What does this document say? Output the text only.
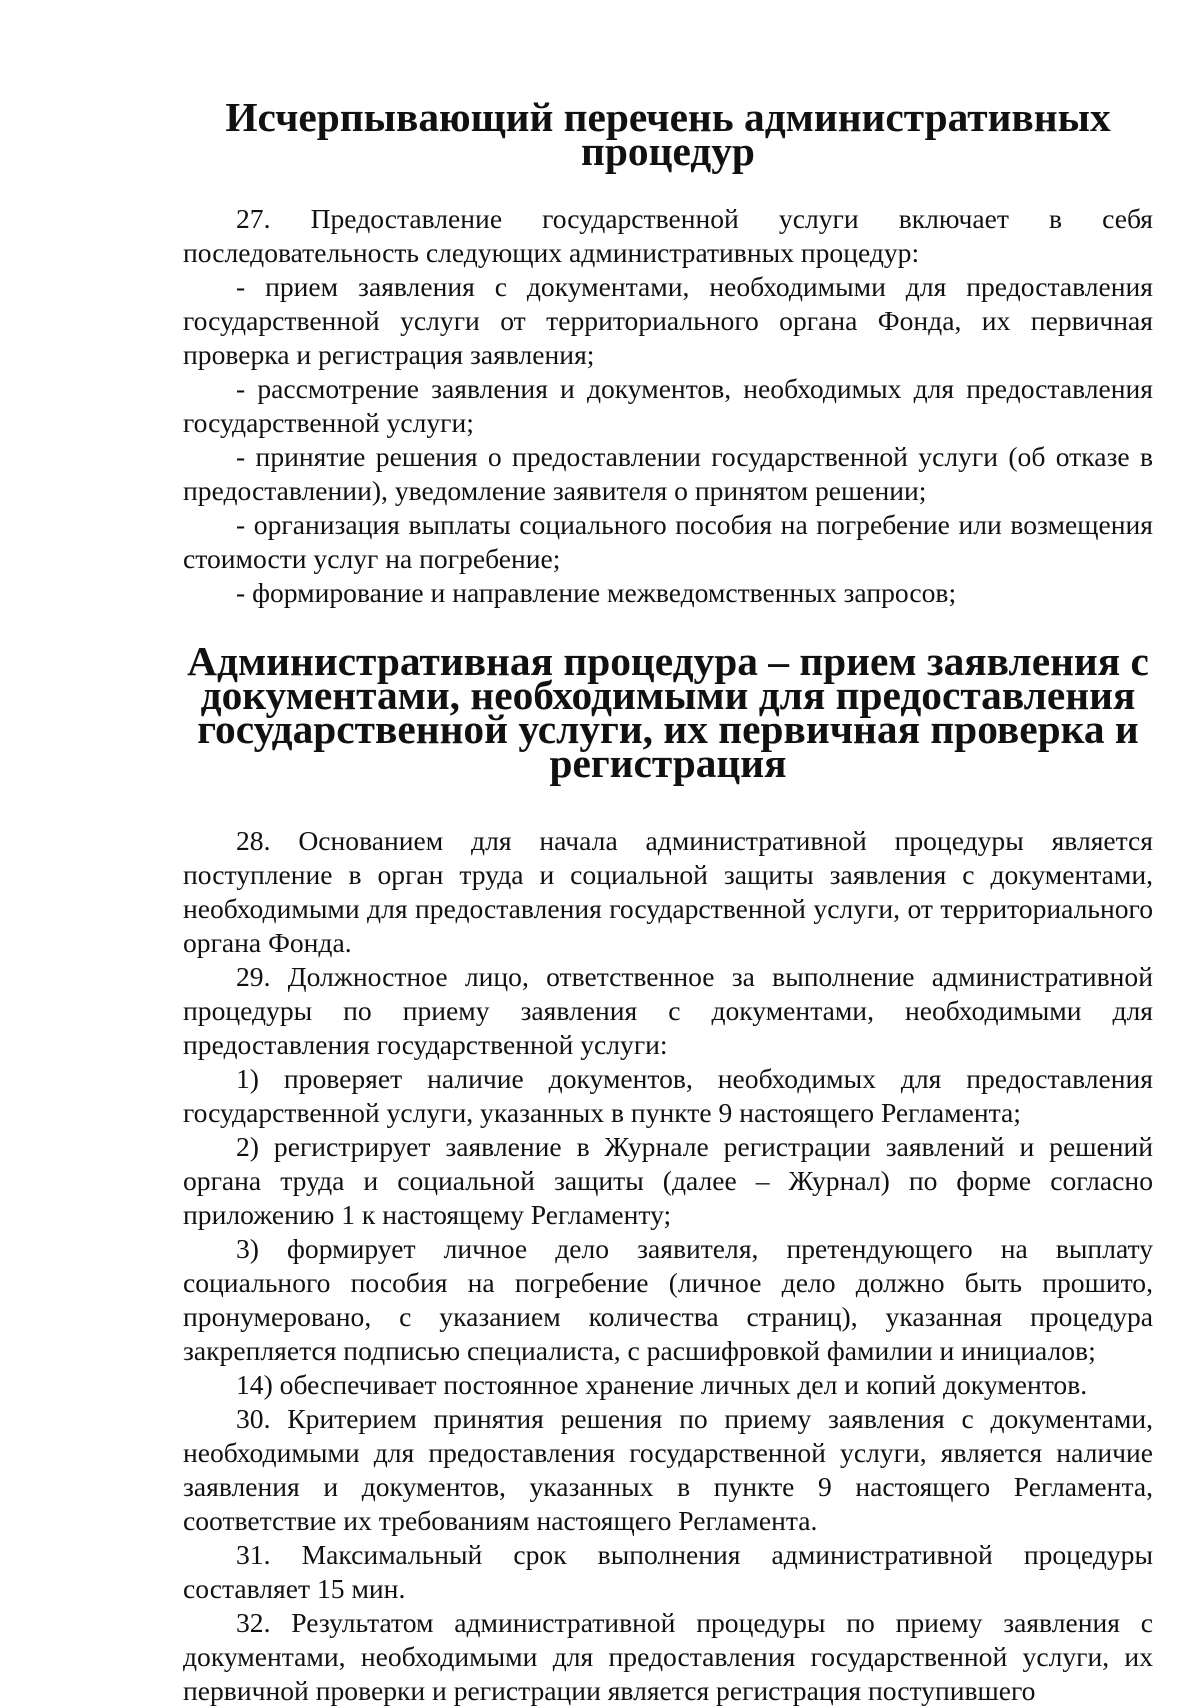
Исчерпывающий перечень административных процедур

27. Предоставление государственной услуги включает в себя последовательность следующих административных процедур:

- прием заявления с документами, необходимыми для предоставления государственной услуги от территориального органа Фонда, их первичная проверка и регистрация заявления;

- рассмотрение заявления и документов, необходимых для предоставления государственной услуги;

- принятие решения о предоставлении государственной услуги (об отказе в предоставлении), уведомление заявителя о принятом решении;

- организация выплаты социального пособия на погребение или возмещения стоимости услуг на погребение;

- формирование и направление межведомственных запросов;

Административная процедура – прием заявления с документами, необходимыми для предоставления государственной услуги, их первичная проверка и регистрация

28. Основанием для начала административной процедуры является поступление в орган труда и социальной защиты заявления с документами, необходимыми для предоставления государственной услуги, от территориального органа Фонда.

29. Должностное лицо, ответственное за выполнение административной процедуры по приему заявления с документами, необходимыми для предоставления государственной услуги:

1) проверяет наличие документов, необходимых для предоставления государственной услуги, указанных в пункте 9 настоящего Регламента;

2) регистрирует заявление в Журнале регистрации заявлений и решений органа труда и социальной защиты (далее – Журнал) по форме согласно приложению 1 к настоящему Регламенту;

3) формирует личное дело заявителя, претендующего на выплату социального пособия на погребение (личное дело должно быть прошито, пронумеровано, с указанием количества страниц), указанная процедура закрепляется подписью специалиста, с расшифровкой фамилии и инициалов;

14) обеспечивает постоянное хранение личных дел и копий документов.

30. Критерием принятия решения по приему заявления с документами, необходимыми для предоставления государственной услуги, является наличие заявления и документов, указанных в пункте 9 настоящего Регламента, соответствие их требованиям настоящего Регламента.

31. Максимальный срок выполнения административной процедуры составляет 15 мин.

32. Результатом административной процедуры по приему заявления с документами, необходимыми для предоставления государственной услуги, их первичной проверки и регистрации является регистрация поступившего
